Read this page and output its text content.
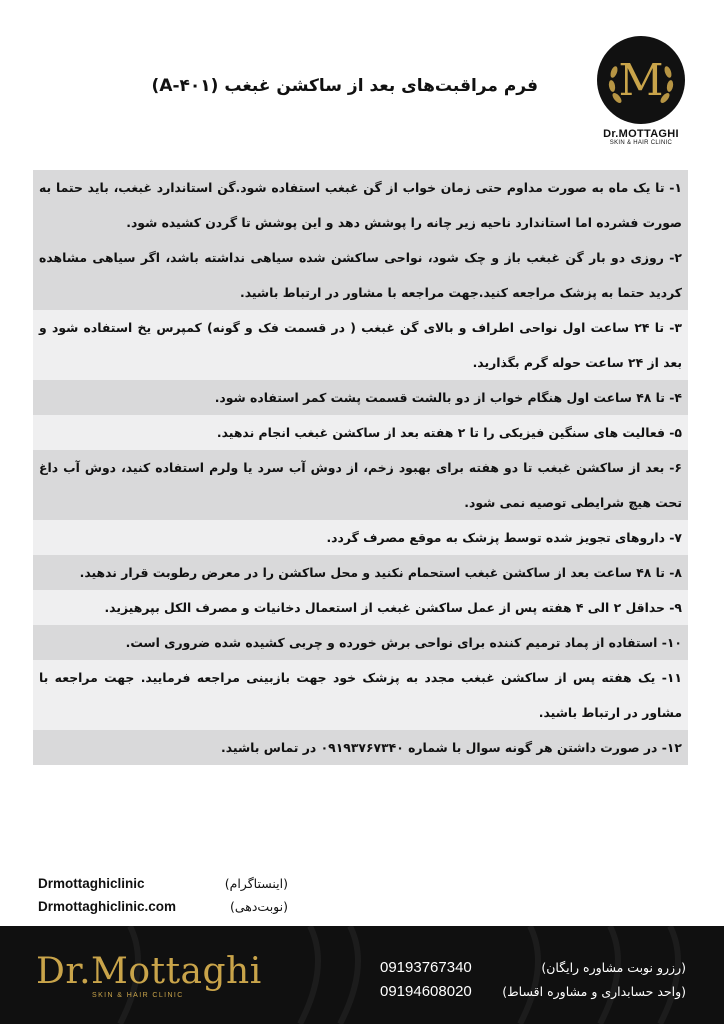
M
Dr.MOTTAGHI
SKIN & HAIR CLINIC
فرم مراقبت‌های بعد از ساکشن غبغب (A-۴۰۱)
۱- تا یک ماه به صورت مداوم حتی زمان خواب از گن غبغب استفاده شود.گن استاندارد غبغب، باید حتما به صورت فشرده اما استاندارد ناحیه زیر چانه را پوشش دهد و این پوشش تا گردن کشیده شود.
۲- روزی دو بار گن غبغب باز و چک شود، نواحی ساکشن شده سیاهی نداشته باشد، اگر سیاهی مشاهده کردید حتما به پزشک مراجعه کنید.جهت مراجعه با مشاور در ارتباط باشید.
۳- تا ۲۴ ساعت اول نواحی اطراف و بالای گن غبغب ( در قسمت فک و گونه) کمپرس یخ استفاده شود و بعد از ۲۴ ساعت حوله گرم بگذارید.
۴- تا ۴۸ ساعت اول هنگام خواب از دو بالشت قسمت پشت کمر استفاده شود.
۵- فعالیت های سنگین فیزیکی را تا ۲ هفته بعد از ساکشن غبغب انجام ندهید.
۶- بعد از ساکشن غبغب تا دو هفته برای بهبود زخم، از دوش آب سرد یا ولرم استفاده کنید، دوش آب داغ تحت هیچ شرایطی توصیه نمی شود.
۷- داروهای تجویز شده توسط پزشک به موقع مصرف گردد.
۸- تا ۴۸ ساعت بعد از ساکشن غبغب استحمام نکنید و محل ساکشن را در معرض رطوبت قرار ندهید.
۹- حداقل ۲ الی ۴ هفته پس از عمل ساکشن غبغب از استعمال دخانیات و مصرف الکل بپرهیزید.
۱۰- استفاده از پماد ترمیم کننده برای نواحی برش خورده و چربی کشیده شده ضروری است.
۱۱- یک هفته پس از ساکشن غبغب مجدد به پزشک خود جهت بازبینی مراجعه فرمایید. جهت مراجعه با مشاور در ارتباط باشید.
۱۲- در صورت داشتن هر گونه سوال با شماره ۰۹۱۹۳۷۶۷۳۴۰ در تماس باشید.
Drmottaghiclinic	(اینستاگرام)
Drmottaghiclinic.com	(نوبت‌دهی)
Dr.Mottaghi
SKIN & HAIR CLINIC
09193767340
09194608020
(رزرو نوبت مشاوره رایگان)
(واحد حسابداری و مشاوره اقساط)
